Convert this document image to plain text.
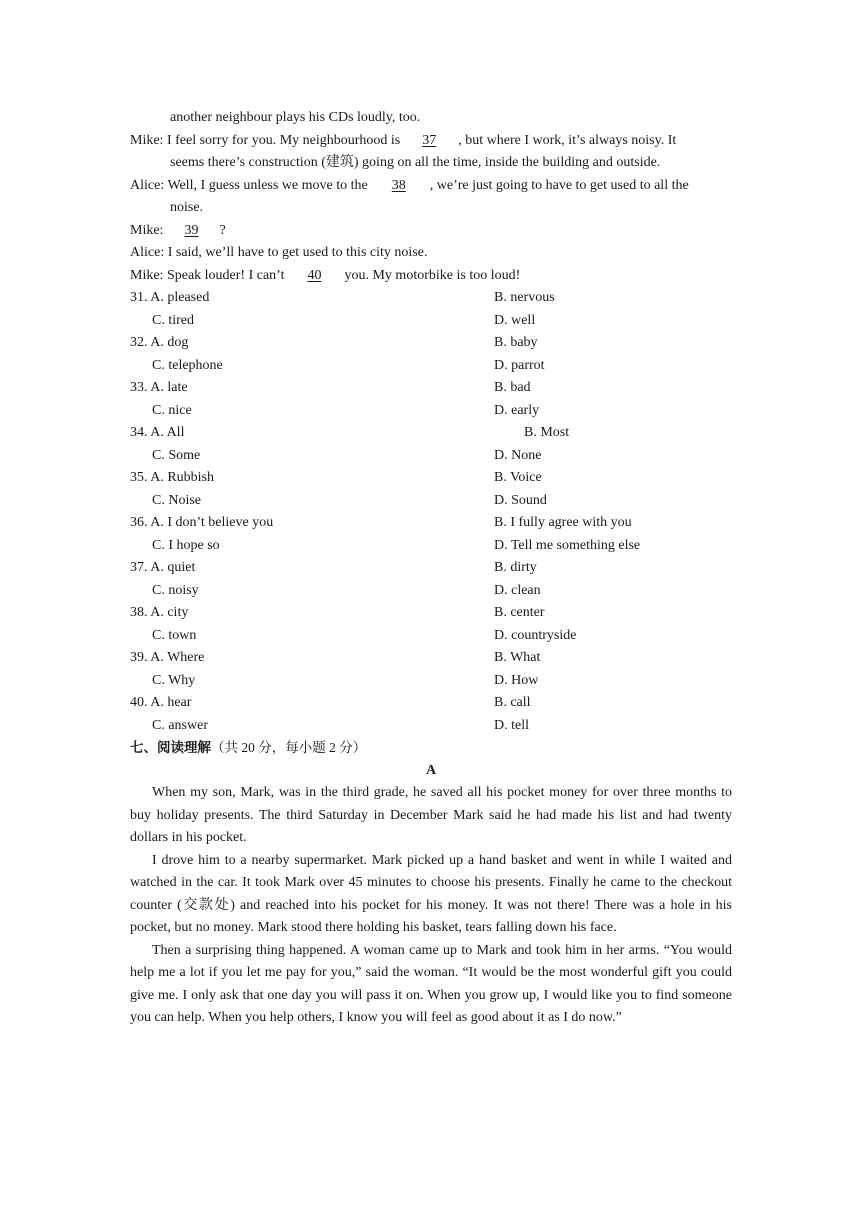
another neighbour plays his CDs loudly, too.
Mike: I feel sorry for you. My neighbourhood is 37 , but where I work, it’s always noisy. It
seems there’s construction (建筑) going on all the time, inside the building and outside.
Alice: Well, I guess unless we move to the 38 , we’re just going to have to get used to all the
noise.
Mike: 39 ?
Alice: I said, we’ll have to get used to this city noise.
Mike: Speak louder! I can’t 40 you. My motorbike is too loud!
31. A. pleased	B. nervous
C. tired	D. well
32. A. dog	B. baby
C. telephone	D. parrot
33. A. late	B. bad
C. nice	D. early
34. A. All	B. Most
C. Some	D. None
35. A. Rubbish	B. Voice
C. Noise	D. Sound
36. A. I don’t believe you	B. I fully agree with you
C. I hope so	D. Tell me something else
37. A. quiet	B. dirty
C. noisy	D. clean
38. A. city	B. center
C. town	D. countryside
39. A. Where	B. What
C. Why	D. How
40. A. hear	B. call
C. answer	D. tell
七、阅读理解（共 20 分，每小题 2 分）
A

When my son, Mark, was in the third grade, he saved all his pocket money for over three months to buy holiday presents. The third Saturday in December Mark said he had made his list and had twenty dollars in his pocket.

I drove him to a nearby supermarket. Mark picked up a hand basket and went in while I waited and watched in the car. It took Mark over 45 minutes to choose his presents. Finally he came to the checkout counter (交款处) and reached into his pocket for his money. It was not there! There was a hole in his pocket, but no money. Mark stood there holding his basket, tears falling down his face.

Then a surprising thing happened. A woman came up to Mark and took him in her arms. “You would help me a lot if you let me pay for you,” said the woman. “It would be the most wonderful gift you could give me. I only ask that one day you will pass it on. When you grow up, I would like you to find someone you can help. When you help others, I know you will feel as good about it as I do now.”
